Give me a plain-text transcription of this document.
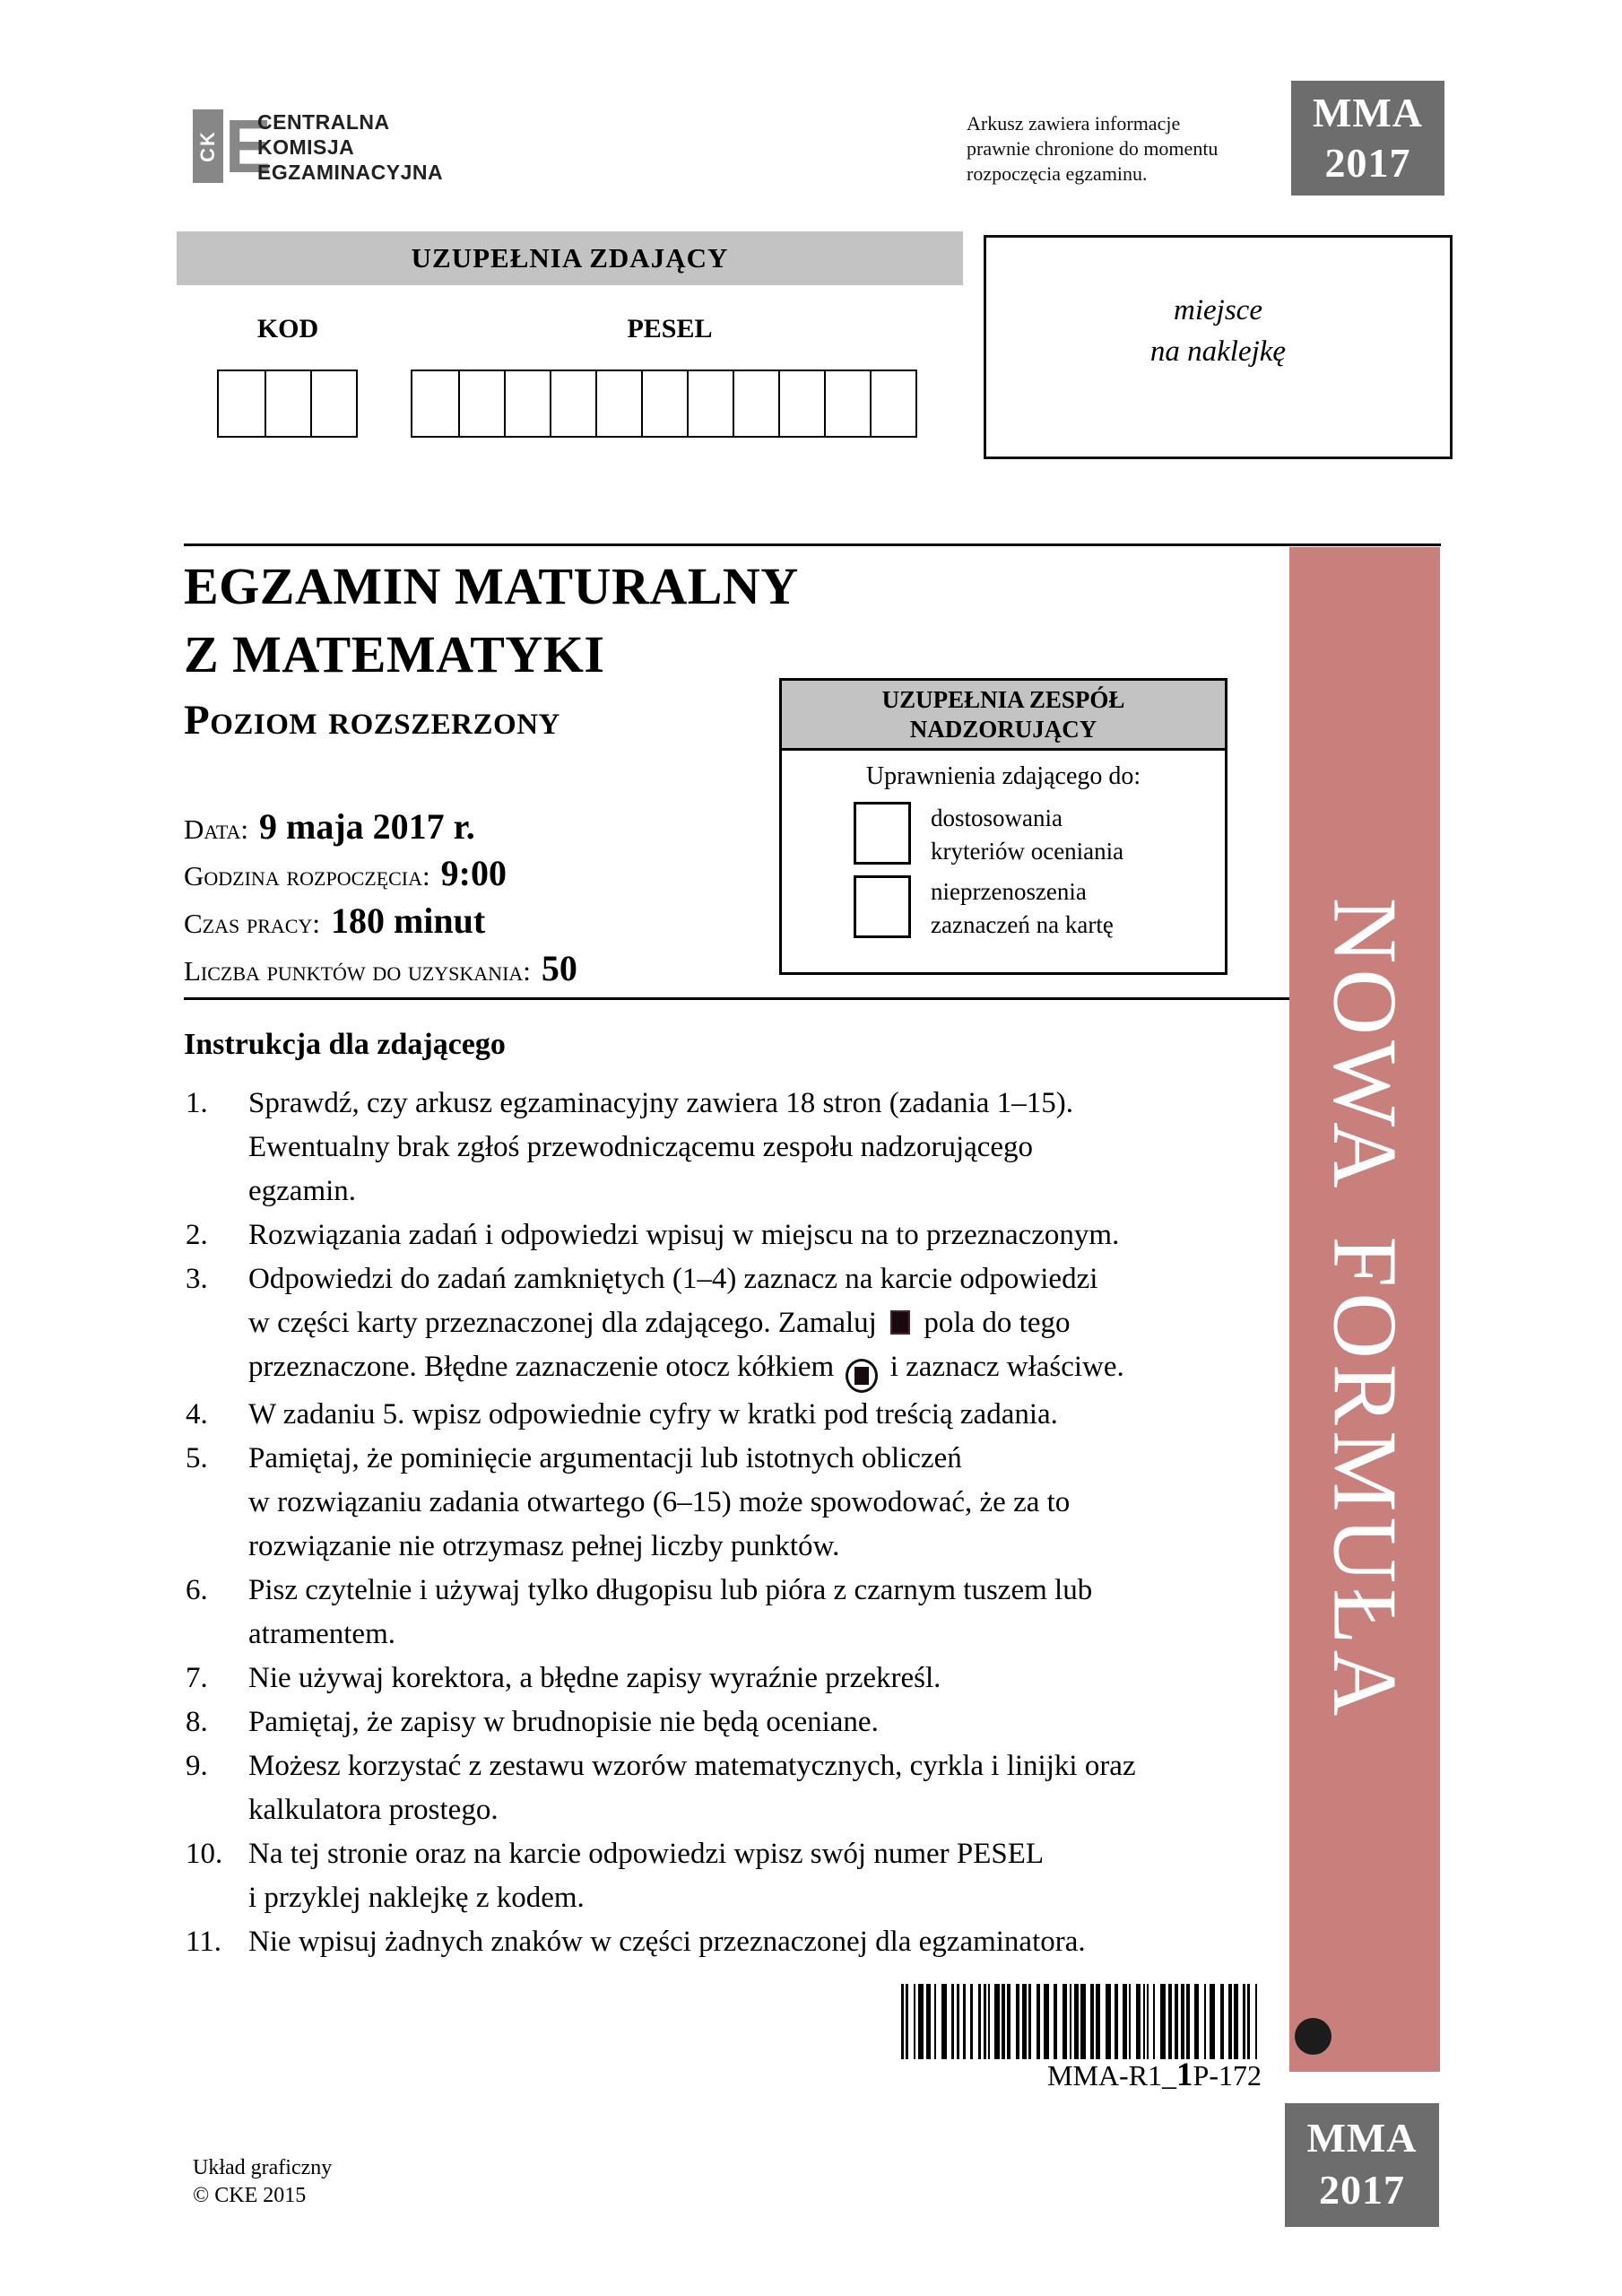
CK E
CENTRALNA
KOMISJA
EGZAMINACYJNA
Arkusz zawiera informacje
prawnie chronione do momentu
rozpoczęcia egzaminu.
MMA
2017
UZUPEŁNIA ZDAJĄCY
KOD	PESEL
miejsce
na naklejkę
EGZAMIN MATURALNY
Z MATEMATYKI
Poziom rozszerzony	UZUPEŁNIA ZESPÓŁ
NADZORUJĄCY
Uprawnienia zdającego do:
dostosowania
kryteriów oceniania
nieprzenoszenia
zaznaczeń na kartę
Data: 9 maja 2017 r.
Godzina rozpoczęcia: 9:00
Czas pracy: 180 minut
Liczba punktów do uzyskania: 50
Instrukcja dla zdającego
1. Sprawdź, czy arkusz egzaminacyjny zawiera 18 stron (zadania 1–15).
Ewentualny brak zgłoś przewodniczącemu zespołu nadzorującego
egzamin.
2. Rozwiązania zadań i odpowiedzi wpisuj w miejscu na to przeznaczonym.
3. Odpowiedzi do zadań zamkniętych (1–4) zaznacz na karcie odpowiedzi
w części karty przeznaczonej dla zdającego. Zamaluj  pola do tego
przeznaczone. Błędne zaznaczenie otocz kółkiem
i zaznacz właściwe.
4. W zadaniu 5. wpisz odpowiednie cyfry w kratki pod treścią zadania.
5. Pamiętaj, że pominięcie argumentacji lub istotnych obliczeń
w rozwiązaniu zadania otwartego (6–15) może spowodować, że za to
rozwiązanie nie otrzymasz pełnej liczby punktów.
6. Pisz czytelnie i używaj tylko długopisu lub pióra z czarnym tuszem lub
atramentem.
7. Nie używaj korektora, a błędne zapisy wyraźnie przekreśl.
8. Pamiętaj, że zapisy w brudnopisie nie będą oceniane.
9. Możesz korzystać z zestawu wzorów matematycznych, cyrkla i linijki oraz
kalkulatora prostego.
10. Na tej stronie oraz na karcie odpowiedzi wpisz swój numer PESEL
i przyklej naklejkę z kodem.
11. Nie wpisuj żadnych znaków w części przeznaczonej dla egzaminatora.
MMA-R1_1P-172
NOWA FORMUŁA
MMA
2017
Układ graficzny
© CKE 2015
